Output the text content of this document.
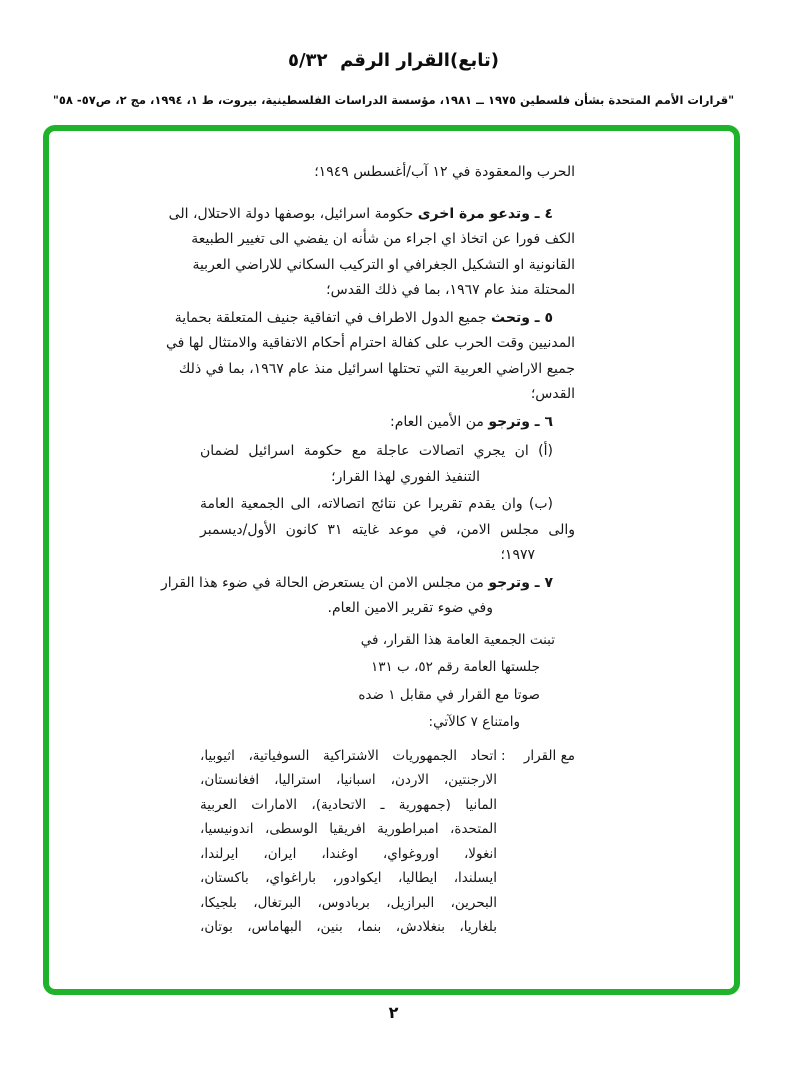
(تابع)القرار الرقم  ٥/٣٢
"قرارات الأمم المتحدة بشأن فلسطين ١٩٧٥ ــ ١٩٨١، مؤسسة الدراسات الفلسطينية، بيروت، ط ١، ١٩٩٤، مج ٢، ص٥٧- ٥٨"
الحرب والمعقودة في ١٢ آب/أغسطس ١٩٤٩؛
٤ ـ وتدعو مرة اخرى حكومة اسرائيل، بوصفها دولة الاحتلال، الى
الكف فورا عن اتخاذ اي اجراء من شأنه ان يفضي الى تغيير الطبيعة
القانونية او التشكيل الجغرافي او التركيب السكاني للاراضي العربية
المحتلة منذ عام ١٩٦٧، بما في ذلك القدس؛
٥ ـ وتحث جميع الدول الاطراف في اتفاقية جنيف المتعلقة بحماية
المدنيين وقت الحرب على كفالة احترام أحكام الاتفاقية والامتثال لها في
جميع الاراضي العربية التي تحتلها اسرائيل منذ عام ١٩٦٧، بما في ذلك
القدس؛
٦ ـ وترجو من الأمين العام:
(أ) ان يجري اتصالات عاجلة مع حكومة اسرائيل لضمان
التنفيذ الفوري لهذا القرار؛
(ب) وان يقدم تقريرا عن نتائج اتصالاته، الى الجمعية العامة
والى مجلس الامن، في موعد غايته ٣١ كانون الأول/ديسمبر
١٩٧٧؛
٧ ـ وترجو من مجلس الامن ان يستعرض الحالة في ضوء هذا القرار
وفي ضوء تقرير الامين العام.
تبنت الجمعية العامة هذا القرار، في
جلستها العامة رقم ٥٢، ب ١٣١
صوتا مع القرار في مقابل ١ ضده
وامتناع ٧ كالآتي:
مع القرار
:
اتحاد الجمهوريات الاشتراكية السوفياتية، اثيوبيا،
الارجنتين، الاردن، اسبانيا، استراليا، افغانستان،
المانيا (جمهورية ـ الاتحادية)، الامارات العربية
المتحدة، امبراطورية افريقيا الوسطى، اندونيسيا،
انغولا، اوروغواي، اوغندا، ايران، ايرلندا،
ايسلندا، ايطاليا، ايكوادور، باراغواي، باكستان،
البحرين، البرازيل، بربادوس، البرتغال، بلجيكا،
بلغاريا، بنغلادش، بنما، بنين، البهاماس، بوتان،
٢
